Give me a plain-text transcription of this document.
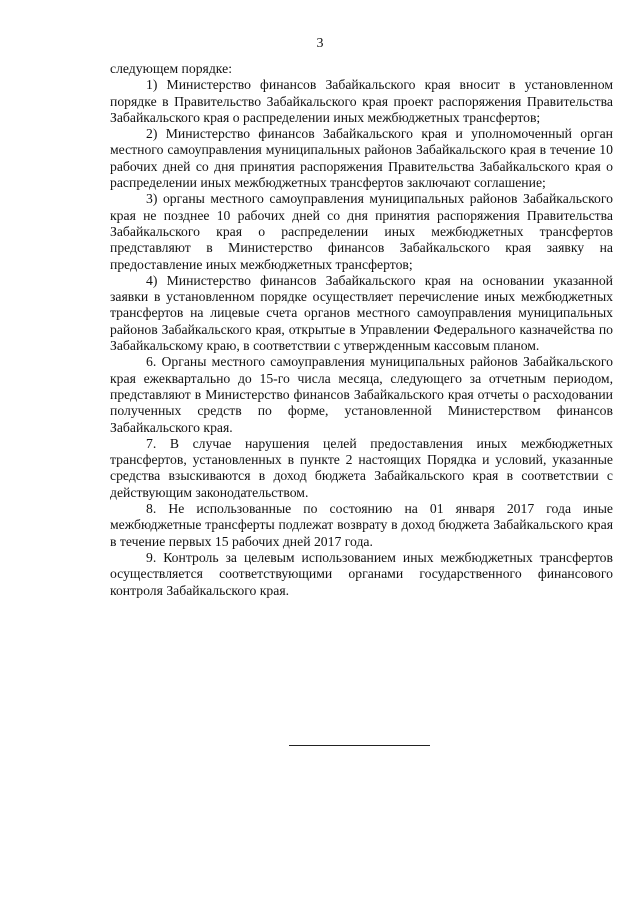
3

следующем порядке:

1) Министерство финансов Забайкальского края вносит в установленном порядке в Правительство Забайкальского края проект распоряжения Правительства Забайкальского края о распределении иных межбюджетных трансфертов;

2) Министерство финансов Забайкальского края и уполномоченный орган местного самоуправления муниципальных районов Забайкальского края в течение 10 рабочих дней со дня принятия распоряжения Правительства Забайкальского края о распределении иных межбюджетных трансфертов заключают соглашение;

3) органы местного самоуправления муниципальных районов Забайкальского края не позднее 10 рабочих дней со дня принятия распоряжения Правительства Забайкальского края о распределении иных межбюджетных трансфертов представляют в Министерство финансов Забайкальского края заявку на предоставление иных межбюджетных трансфертов;

4) Министерство финансов Забайкальского края на основании указанной заявки в установленном порядке осуществляет перечисление иных межбюджетных трансфертов на лицевые счета органов местного самоуправления муниципальных районов Забайкальского края, открытые в Управлении Федерального казначейства по Забайкальскому краю, в соответствии с утвержденным кассовым планом.

6. Органы местного самоуправления муниципальных районов Забайкальского края ежеквартально до 15-го числа месяца, следующего за отчетным периодом, представляют в Министерство финансов Забайкальского края отчеты о расходовании полученных средств по форме, установленной Министерством финансов Забайкальского края.

7. В случае нарушения целей предоставления иных межбюджетных трансфертов, установленных в пункте 2 настоящих Порядка и условий, указанные средства взыскиваются в доход бюджета Забайкальского края в соответствии с действующим законодательством.

8. Не использованные по состоянию на 01 января 2017 года иные межбюджетные трансферты подлежат возврату в доход бюджета Забайкальского края в течение первых 15 рабочих дней 2017 года.

9. Контроль за целевым использованием иных межбюджетных трансфертов осуществляется соответствующими органами государственного финансового контроля Забайкальского края.
